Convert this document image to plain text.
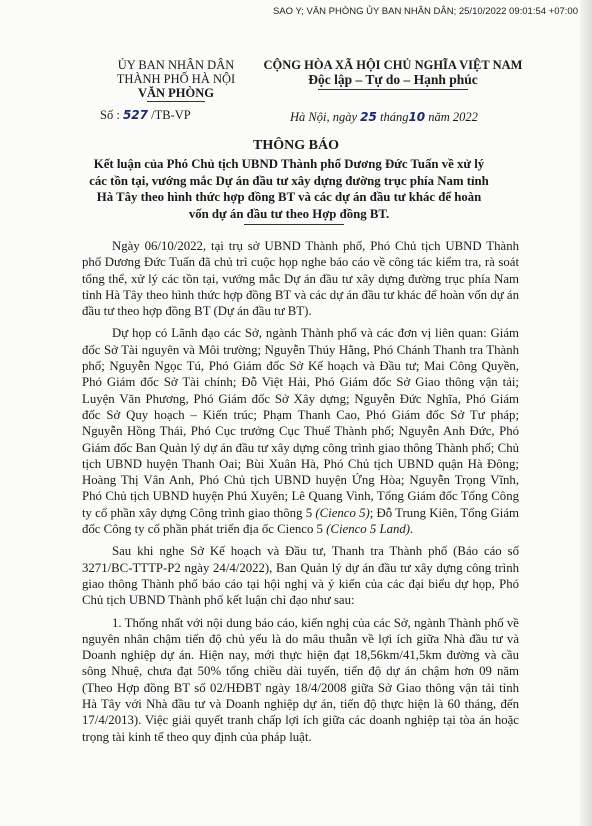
SAO Y; VĂN PHÒNG ỦY BAN NHÂN DÂN; 25/10/2022 09:01:54 +07:00
ỦY BAN NHÂN DÂN
THÀNH PHỐ HÀ NỘI
VĂN PHÒNG
Số : 527 /TB-VP
CỘNG HÒA XÃ HỘI CHỦ NGHĨA VIỆT NAM
Độc lập – Tự do – Hạnh phúc
Hà Nội, ngày 25 tháng10 năm 2022
THÔNG BÁO
Kết luận của Phó Chủ tịch UBND Thành phố Dương Đức Tuấn về xử lý các tồn tại, vướng mắc Dự án đầu tư xây dựng đường trục phía Nam tỉnh Hà Tây theo hình thức hợp đồng BT và các dự án đầu tư khác để hoàn vốn dự án đầu tư theo Hợp đồng BT.

Ngày 06/10/2022, tại trụ sở UBND Thành phố, Phó Chủ tịch UBND Thành phố Dương Đức Tuấn đã chủ trì cuộc họp nghe báo cáo về công tác kiểm tra, rà soát tổng thể, xử lý các tồn tại, vướng mắc Dự án đầu tư xây dựng đường trục phía Nam tỉnh Hà Tây theo hình thức hợp đồng BT và các dự án đầu tư khác để hoàn vốn dự án đầu tư theo hợp đồng BT (Dự án đầu tư BT).

Dự họp có Lãnh đạo các Sở, ngành Thành phố và các đơn vị liên quan: Giám đốc Sở Tài nguyên và Môi trường; Nguyễn Thúy Hằng, Phó Chánh Thanh tra Thành phố; Nguyễn Ngọc Tú, Phó Giám đốc Sở Kế hoạch và Đầu tư; Mai Công Quyền, Phó Giám đốc Sở Tài chính; Đỗ Việt Hải, Phó Giám đốc Sở Giao thông vận tải; Luyện Văn Phương, Phó Giám đốc Sở Xây dựng; Nguyễn Đức Nghĩa, Phó Giám đốc Sở Quy hoạch – Kiến trúc; Phạm Thanh Cao, Phó Giám đốc Sở Tư pháp; Nguyễn Hồng Thái, Phó Cục trưởng Cục Thuế Thành phố; Nguyễn Anh Đức, Phó Giám đốc Ban Quản lý dự án đầu tư xây dựng công trình giao thông Thành phố; Chủ tịch UBND huyện Thanh Oai; Bùi Xuân Hà, Phó Chủ tịch UBND quận Hà Đông; Hoàng Thị Vân Anh, Phó Chủ tịch UBND huyện Ứng Hòa; Nguyễn Trọng Vĩnh, Phó Chủ tịch UBND huyện Phú Xuyên; Lê Quang Vinh, Tổng Giám đốc Tổng Công ty cổ phần xây dựng Công trình giao thông 5 (Cienco 5); Đỗ Trung Kiên, Tổng Giám đốc Công ty cổ phần phát triển địa ốc Cienco 5 (Cienco 5 Land).

Sau khi nghe Sở Kế hoạch và Đầu tư, Thanh tra Thành phố (Báo cáo số 3271/BC-TTTP-P2 ngày 24/4/2022), Ban Quản lý dự án đầu tư xây dựng công trình giao thông Thành phố báo cáo tại hội nghị và ý kiến của các đại biểu dự họp, Phó Chủ tịch UBND Thành phố kết luận chỉ đạo như sau:

1. Thống nhất với nội dung báo cáo, kiến nghị của các Sở, ngành Thành phố về nguyên nhân chậm tiến độ chủ yếu là do mâu thuẫn về lợi ích giữa Nhà đầu tư và Doanh nghiệp dự án. Hiện nay, mới thực hiện đạt 18,56km/41,5km đường và cầu sông Nhuệ, chưa đạt 50% tổng chiều dài tuyến, tiến độ dự án chậm hơn 09 năm (Theo Hợp đồng BT số 02/HĐBT ngày 18/4/2008 giữa Sở Giao thông vận tải tỉnh Hà Tây với Nhà đầu tư và Doanh nghiệp dự án, tiến độ thực hiện là 60 tháng, đến 17/4/2013). Việc giải quyết tranh chấp lợi ích giữa các doanh nghiệp tại tòa án hoặc trọng tài kinh tế theo quy định của pháp luật.
